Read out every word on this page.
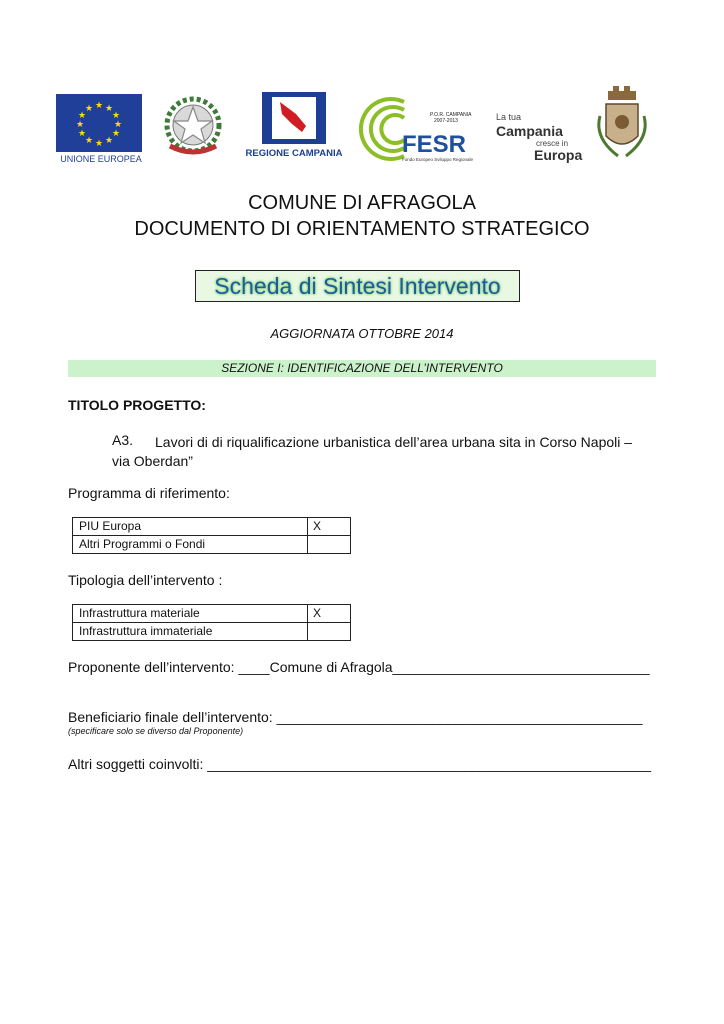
★ ★
★
★
★
★
★
★
★
★
★
★
UNIONE EUROPEA	REGIONE CAMPANIA
P.O.R. CAMPANIA
2007-2013
FESR
Fondo Europeo Sviluppo Regionale
La tua
Campania
cresce in
Europa
COMUNE DI AFRAGOLA
DOCUMENTO DI ORIENTAMENTO STRATEGICO
Scheda di Sintesi Intervento
AGGIORNATA OTTOBRE 2014
SEZIONE I: IDENTIFICAZIONE DELL’INTERVENTO
TITOLO PROGETTO:
A3. Lavori di di riqualificazione urbanistica dell’area urbana sita in Corso Napoli –
via Oberdan”
Programma di riferimento:
PIU Europa	X
Altri Programmi o Fondi	
Tipologia dell’intervento :
Infrastruttura materiale	X
Infrastruttura immateriale	
Proponente dell’intervento: ____Comune di Afragola_________________________________
Beneficiario finale dell’intervento: _______________________________________________
(specificare solo se diverso dal Proponente)
Altri soggetti coinvolti: _________________________________________________________
